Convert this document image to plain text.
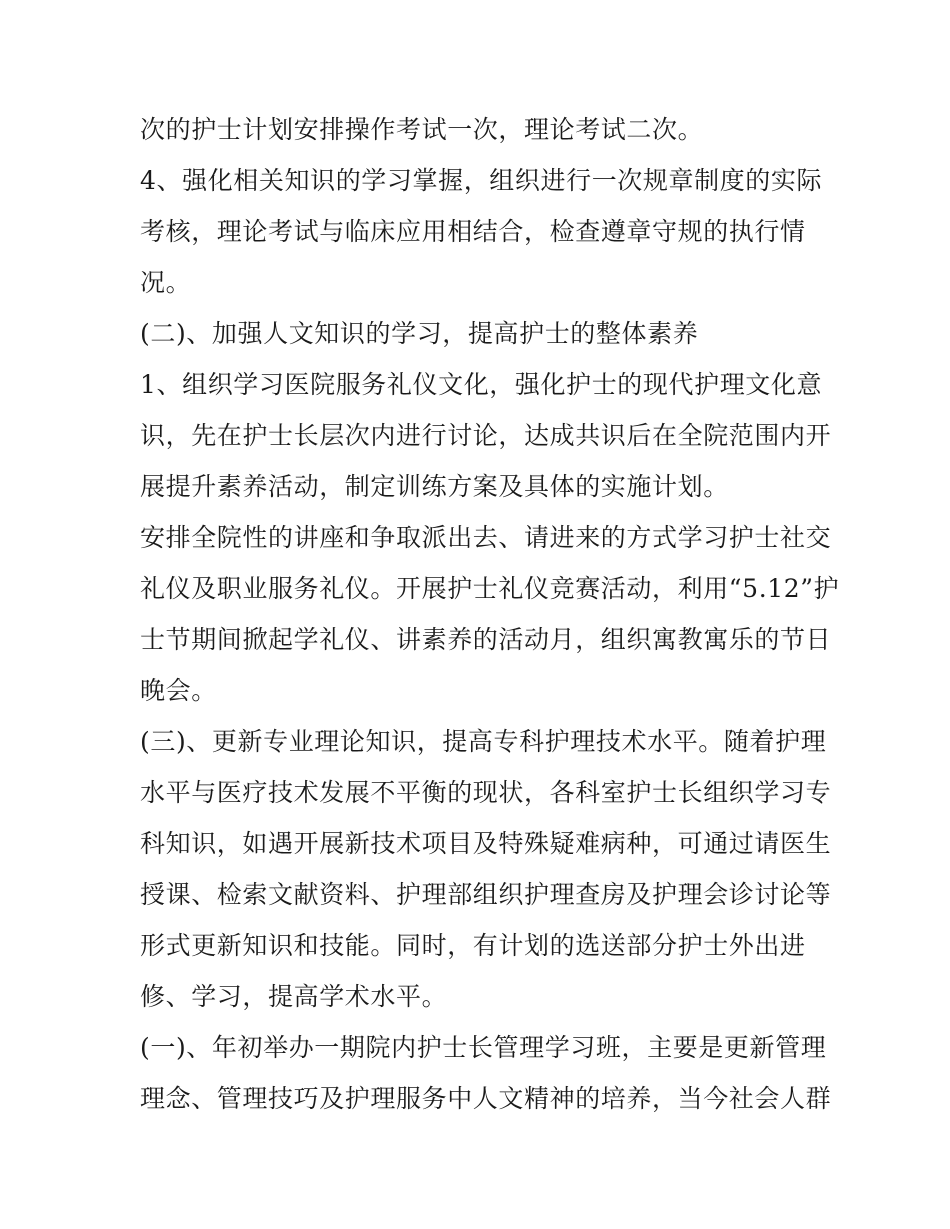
次的护士计划安排操作考试一次，理论考试二次。

4、强化相关知识的学习掌握，组织进行一次规章制度的实际

考核，理论考试与临床应用相结合，检查遵章守规的执行情

况。

(二)、加强人文知识的学习，提高护士的整体素养

1、组织学习医院服务礼仪文化，强化护士的现代护理文化意

识，先在护士长层次内进行讨论，达成共识后在全院范围内开

展提升素养活动，制定训练方案及具体的实施计划。

安排全院性的讲座和争取派出去、请进来的方式学习护士社交

礼仪及职业服务礼仪。开展护士礼仪竞赛活动，利用“5.12”护

士节期间掀起学礼仪、讲素养的活动月，组织寓教寓乐的节日

晚会。

(三)、更新专业理论知识，提高专科护理技术水平。随着护理

水平与医疗技术发展不平衡的现状，各科室护士长组织学习专

科知识，如遇开展新技术项目及特殊疑难病种，可通过请医生

授课、检索文献资料、护理部组织护理查房及护理会诊讨论等

形式更新知识和技能。同时，有计划的选送部分护士外出进

修、学习，提高学术水平。

(一)、年初举办一期院内护士长管理学习班，主要是更新管理

理念、管理技巧及护理服务中人文精神的培养，当今社会人群
